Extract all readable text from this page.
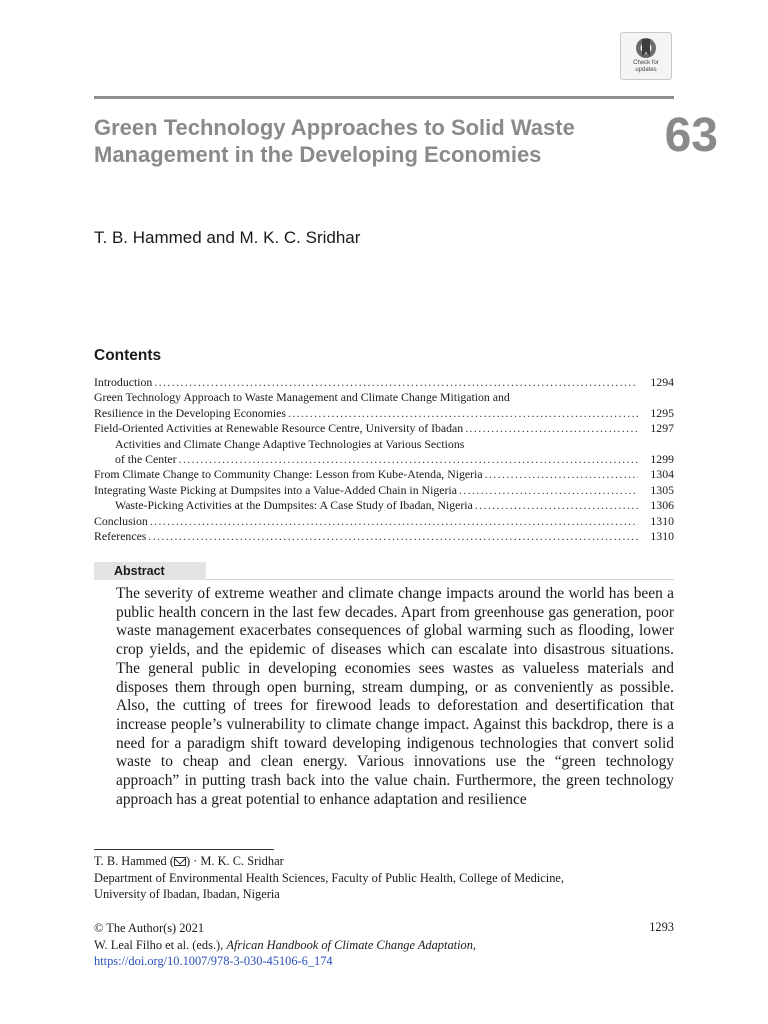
Check for
updates
63
Green Technology Approaches to Solid Waste Management in the Developing Economies
T. B. Hammed and M. K. C. Sridhar
Contents
Introduction .....	1294
Green Technology Approach to Waste Management and Climate Change Mitigation and
Resilience in the Developing Economies .....	1295
Field-Oriented Activities at Renewable Resource Centre, University of Ibadan .....	1297
Activities and Climate Change Adaptive Technologies at Various Sections
of the Center .....	1299
From Climate Change to Community Change: Lesson from Kube-Atenda, Nigeria .....	1304
Integrating Waste Picking at Dumpsites into a Value-Added Chain in Nigeria .....	1305
Waste-Picking Activities at the Dumpsites: A Case Study of Ibadan, Nigeria .....	1306
Conclusion .....	1310
References .....	1310
Abstract
The severity of extreme weather and climate change impacts around the world has been a public health concern in the last few decades. Apart from greenhouse gas generation, poor waste management exacerbates consequences of global warming such as flooding, lower crop yields, and the epidemic of diseases which can escalate into disastrous situations. The general public in developing economies sees wastes as valueless materials and disposes them through open burning, stream dumping, or as conveniently as possible. Also, the cutting of trees for firewood leads to deforestation and desertification that increase people’s vulnerability to climate change impact. Against this backdrop, there is a need for a paradigm shift toward developing indigenous technologies that convert solid waste to cheap and clean energy. Various innovations use the “green technology approach” in putting trash back into the value chain. Furthermore, the green technology approach has a great potential to enhance adaptation and resilience
T. B. Hammed ( ) · M. K. C. Sridhar
Department of Environmental Health Sciences, Faculty of Public Health, College of Medicine,
University of Ibadan, Ibadan, Nigeria
© The Author(s) 2021
W. Leal Filho et al. (eds.), African Handbook of Climate Change Adaptation,
https://doi.org/10.1007/978-3-030-45106-6_174
1293
